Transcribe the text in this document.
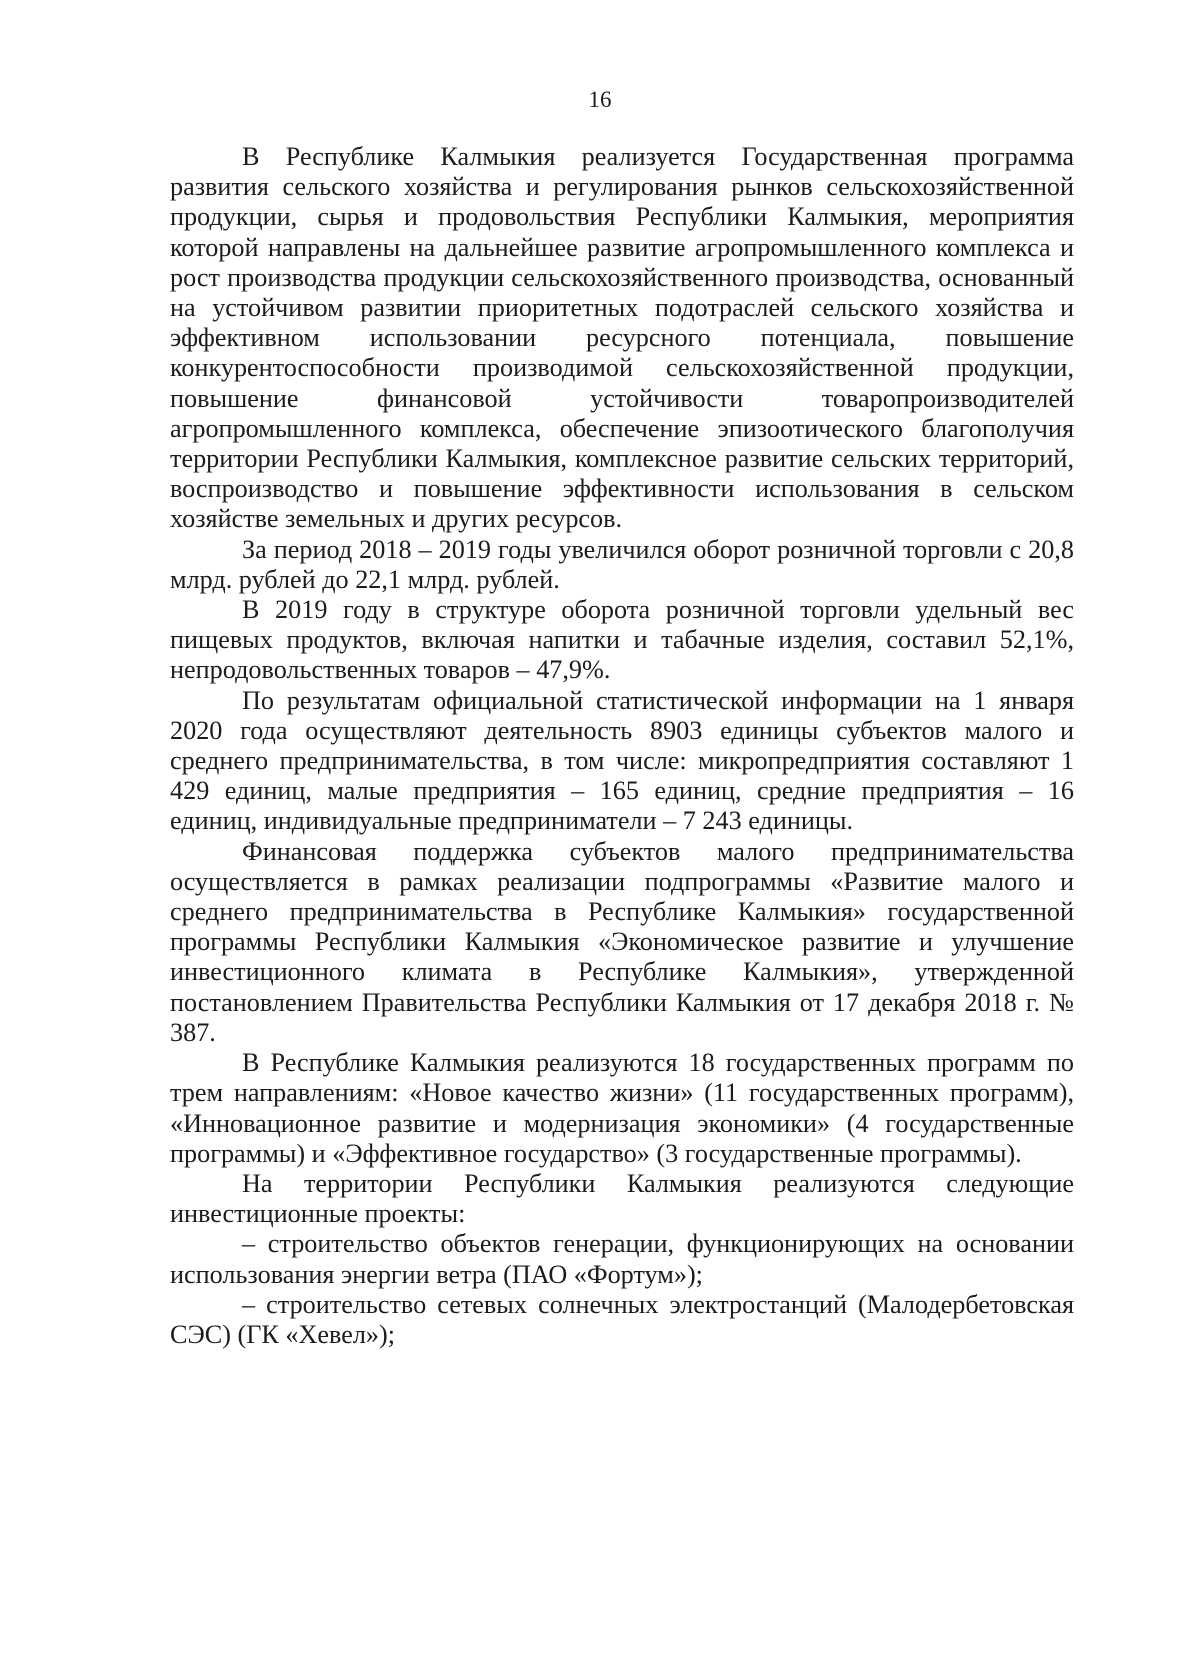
16

В Республике Калмыкия реализуется Государственная программа развития сельского хозяйства и регулирования рынков сельскохозяйственной продукции, сырья и продовольствия Республики Калмыкия, мероприятия которой направлены на дальнейшее развитие агропромышленного комплекса и рост производства продукции сельскохозяйственного производства, основанный на устойчивом развитии приоритетных подотраслей сельского хозяйства и эффективном использовании ресурсного потенциала, повышение конкурентоспособности производимой сельскохозяйственной продукции, повышение финансовой устойчивости товаропроизводителей агропромышленного комплекса, обеспечение эпизоотического благополучия территории Республики Калмыкия, комплексное развитие сельских территорий, воспроизводство и повышение эффективности использования в сельском хозяйстве земельных и других ресурсов.

За период 2018 – 2019 годы увеличился оборот розничной торговли с 20,8 млрд. рублей до 22,1 млрд. рублей.

В 2019 году в структуре оборота розничной торговли удельный вес пищевых продуктов, включая напитки и табачные изделия, составил 52,1%, непродовольственных товаров – 47,9%.

По результатам официальной статистической информации на 1 января 2020 года осуществляют деятельность 8903 единицы субъектов малого и среднего предпринимательства, в том числе: микропредприятия составляют 1 429 единиц, малые предприятия – 165 единиц, средние предприятия – 16 единиц, индивидуальные предприниматели – 7 243 единицы.

Финансовая поддержка субъектов малого предпринимательства осуществляется в рамках реализации подпрограммы «Развитие малого и среднего предпринимательства в Республике Калмыкия» государственной программы Республики Калмыкия «Экономическое развитие и улучшение инвестиционного климата в Республике Калмыкия», утвержденной постановлением Правительства Республики Калмыкия от 17 декабря 2018 г. № 387.

В Республике Калмыкия реализуются 18 государственных программ по трем направлениям: «Новое качество жизни» (11 государственных программ), «Инновационное развитие и модернизация экономики» (4 государственные программы) и «Эффективное государство» (3 государственные программы).

На территории Республики Калмыкия реализуются следующие инвестиционные проекты:

– строительство объектов генерации, функционирующих на основании использования энергии ветра (ПАО «Фортум»);

– строительство сетевых солнечных электростанций (Малодербетовская СЭС) (ГК «Хевел»);
